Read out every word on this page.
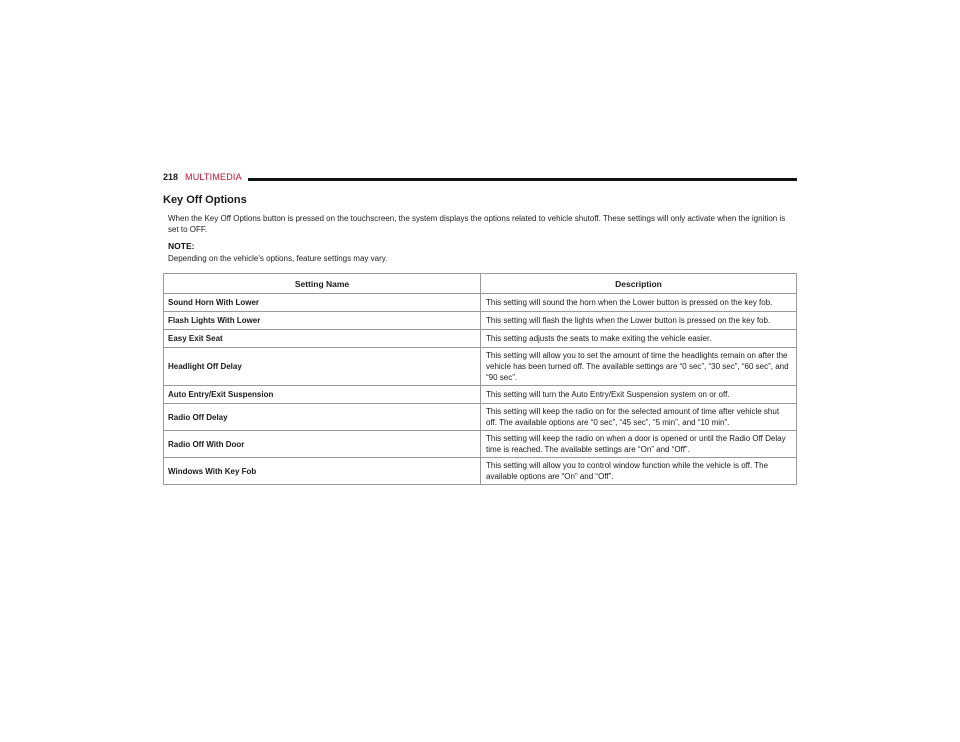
218 MULTIMEDIA
Key Off Options

When the Key Off Options button is pressed on the touchscreen, the system displays the options related to vehicle shutoff. These settings will only activate when the ignition is set to OFF.

NOTE:

Depending on the vehicle’s options, feature settings may vary.

Setting Name	Description
Sound Horn With Lower	This setting will sound the horn when the Lower button is pressed on the key fob.
Flash Lights With Lower	This setting will flash the lights when the Lower button is pressed on the key fob.
Easy Exit Seat	This setting adjusts the seats to make exiting the vehicle easier.
Headlight Off Delay	This setting will allow you to set the amount of time the headlights remain on after the vehicle has been turned off. The available settings are “0 sec”, “30 sec”, “60 sec”, and “90 sec”.
Auto Entry/Exit Suspension	This setting will turn the Auto Entry/Exit Suspension system on or off.
Radio Off Delay	This setting will keep the radio on for the selected amount of time after vehicle shut off. The available options are “0 sec”, “45 sec”, “5 min”, and “10 min”.
Radio Off With Door	This setting will keep the radio on when a door is opened or until the Radio Off Delay time is reached. The available settings are “On” and “Off”.
Windows With Key Fob	This setting will allow you to control window function while the vehicle is off. The available options are “On” and “Off”.
